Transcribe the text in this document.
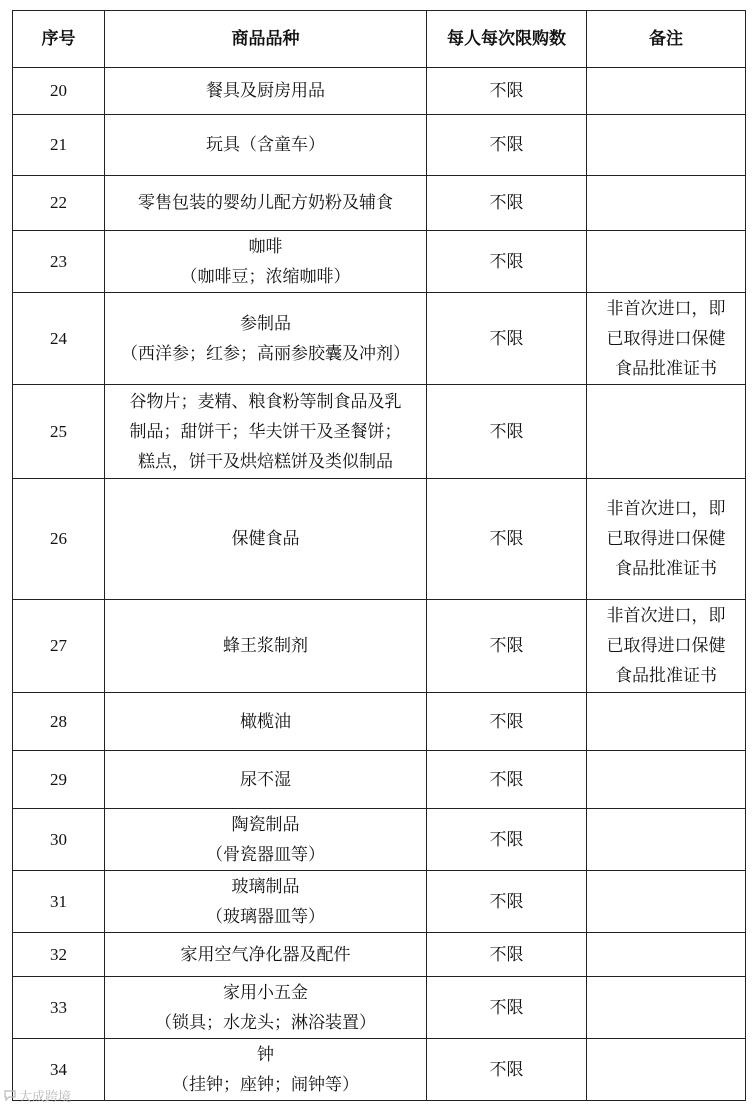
序号	商品品种	每人每次限购数	备注
20	餐具及厨房用品	不限	
21	玩具（含童车）	不限	
22	零售包装的婴幼儿配方奶粉及辅食	不限	
23	咖啡
（咖啡豆；浓缩咖啡）	不限	
24	参制品
（西洋参；红参；高丽参胶囊及冲剂）	不限	非首次进口，即
已取得进口保健
食品批准证书

25	谷物片；麦精、粮食粉等制食品及乳
制品；甜饼干；华夫饼干及圣餐饼；
糕点，饼干及烘焙糕饼及类似制品	不限	
26	保健食品	不限	非首次进口，即
已取得进口保健
食品批准证书

27	蜂王浆制剂	不限	非首次进口，即
已取得进口保健
食品批准证书

28	橄榄油	不限	
29	尿不湿	不限	
30	陶瓷制品
（骨瓷器皿等）	不限	
31	玻璃制品
（玻璃器皿等）	不限	
32	家用空气净化器及配件	不限	
33	家用小五金
（锁具；水龙头；淋浴装置）	不限	
34	钟
（挂钟；座钟；闹钟等）	不限	
大成跨境
